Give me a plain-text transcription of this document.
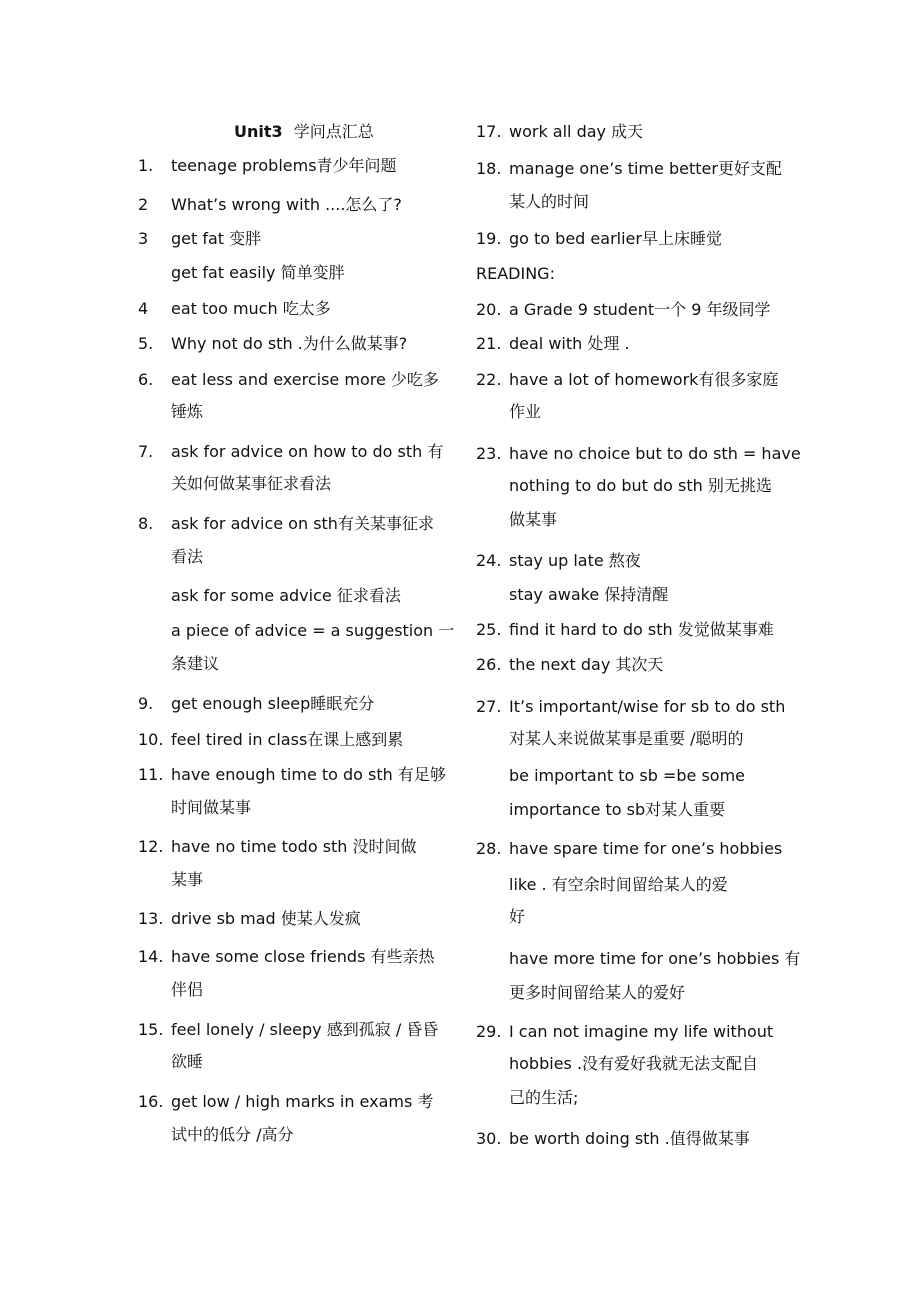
Unit3 学问点汇总
1. teenage problems青少年问题
2 What’s wrong with ....怎么了?
3 get fat 变胖
get fat easily 简单变胖
4 eat too much 吃太多
5. Why not do sth .为什么做某事?
6. eat less and exercise more 少吃多
锤炼
7. ask for advice on how to do sth 有
关如何做某事征求看法
8. ask for advice on sth有关某事征求
看法
ask for some advice 征求看法
a piece of advice = a suggestion 一
条建议
9. get enough sleep睡眠充分
10. feel tired in class在课上感到累
11. have enough time to do sth 有足够
时间做某事
12. have no time todo sth 没时间做
某事
13. drive sb mad 使某人发疯
14. have some close friends 有些亲热
伴侣
15. feel lonely / sleepy 感到孤寂 / 昏昏
欲睡
16. get low / high marks in exams 考
试中的低分 /高分
17. work all day 成天
18. manage one’s time better更好支配
某人的时间
19. go to bed earlier早上床睡觉
READING:
20. a Grade 9 student一个 9 年级同学
21. deal with 处理 .
22. have a lot of homework有很多家庭
作业
23. have no choice but to do sth = have
nothing to do but do sth 别无挑选
做某事
24. stay up late 熬夜
stay awake 保持清醒
25. find it hard to do sth 发觉做某事难
26. the next day 其次天
27. It’s important/wise for sb to do sth
对某人来说做某事是重要 /聪明的
be important to sb =be some
importance to sb对某人重要
28. have spare time for one’s hobbies
like . 有空余时间留给某人的爱
好
have more time for one’s hobbies 有
更多时间留给某人的爱好
29. I can not imagine my life without
hobbies .没有爱好我就无法支配自
己的生活;
30. be worth doing sth .值得做某事
